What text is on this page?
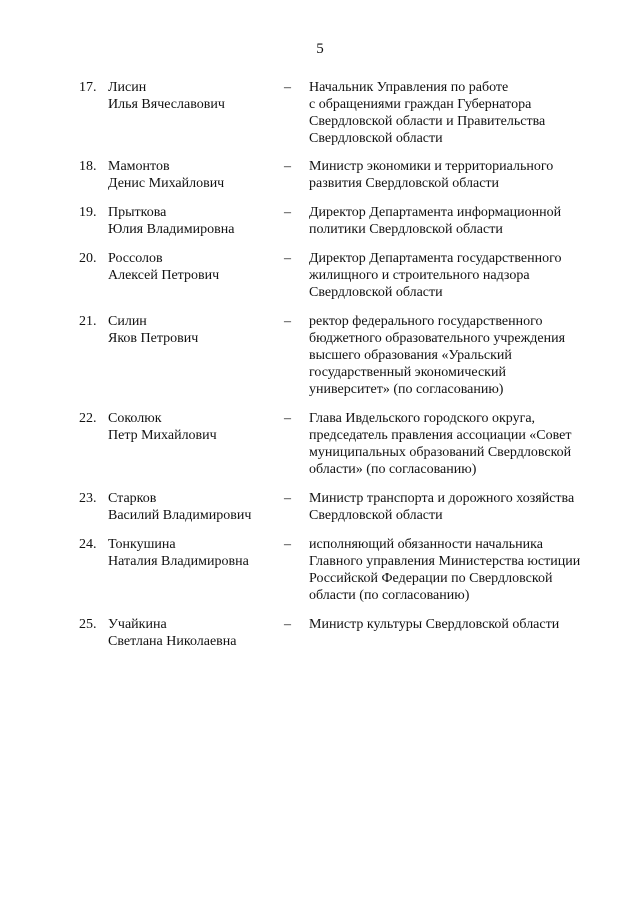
5
17. Лисин
Илья Вячеславович
–	Начальник Управления по работе
с обращениями граждан Губернатора
Свердловской области и Правительства
Свердловской области
18. Мамонтов
Денис Михайлович
–	Министр экономики и территориального
развития Свердловской области
19. Прыткова
Юлия Владимировна
–	Директор Департамента информационной
политики Свердловской области
20. Россолов
Алексей Петрович
–	Директор Департамента государственного
жилищного и строительного надзора
Свердловской области
21. Силин
Яков Петрович
–	ректор федерального государственного
бюджетного образовательного учреждения
высшего образования «Уральский
государственный экономический
университет» (по согласованию)
22. Соколюк
Петр Михайлович
–	Глава Ивдельского городского округа,
председатель правления ассоциации «Совет
муниципальных образований Свердловской
области» (по согласованию)
23. Старков
Василий Владимирович
–	Министр транспорта и дорожного хозяйства
Свердловской области
24. Тонкушина
Наталия Владимировна
–	исполняющий обязанности начальника
Главного управления Министерства юстиции
Российской Федерации по Свердловской
области (по согласованию)
25. Учайкина
Светлана Николаевна
–	Министр культуры Свердловской области
